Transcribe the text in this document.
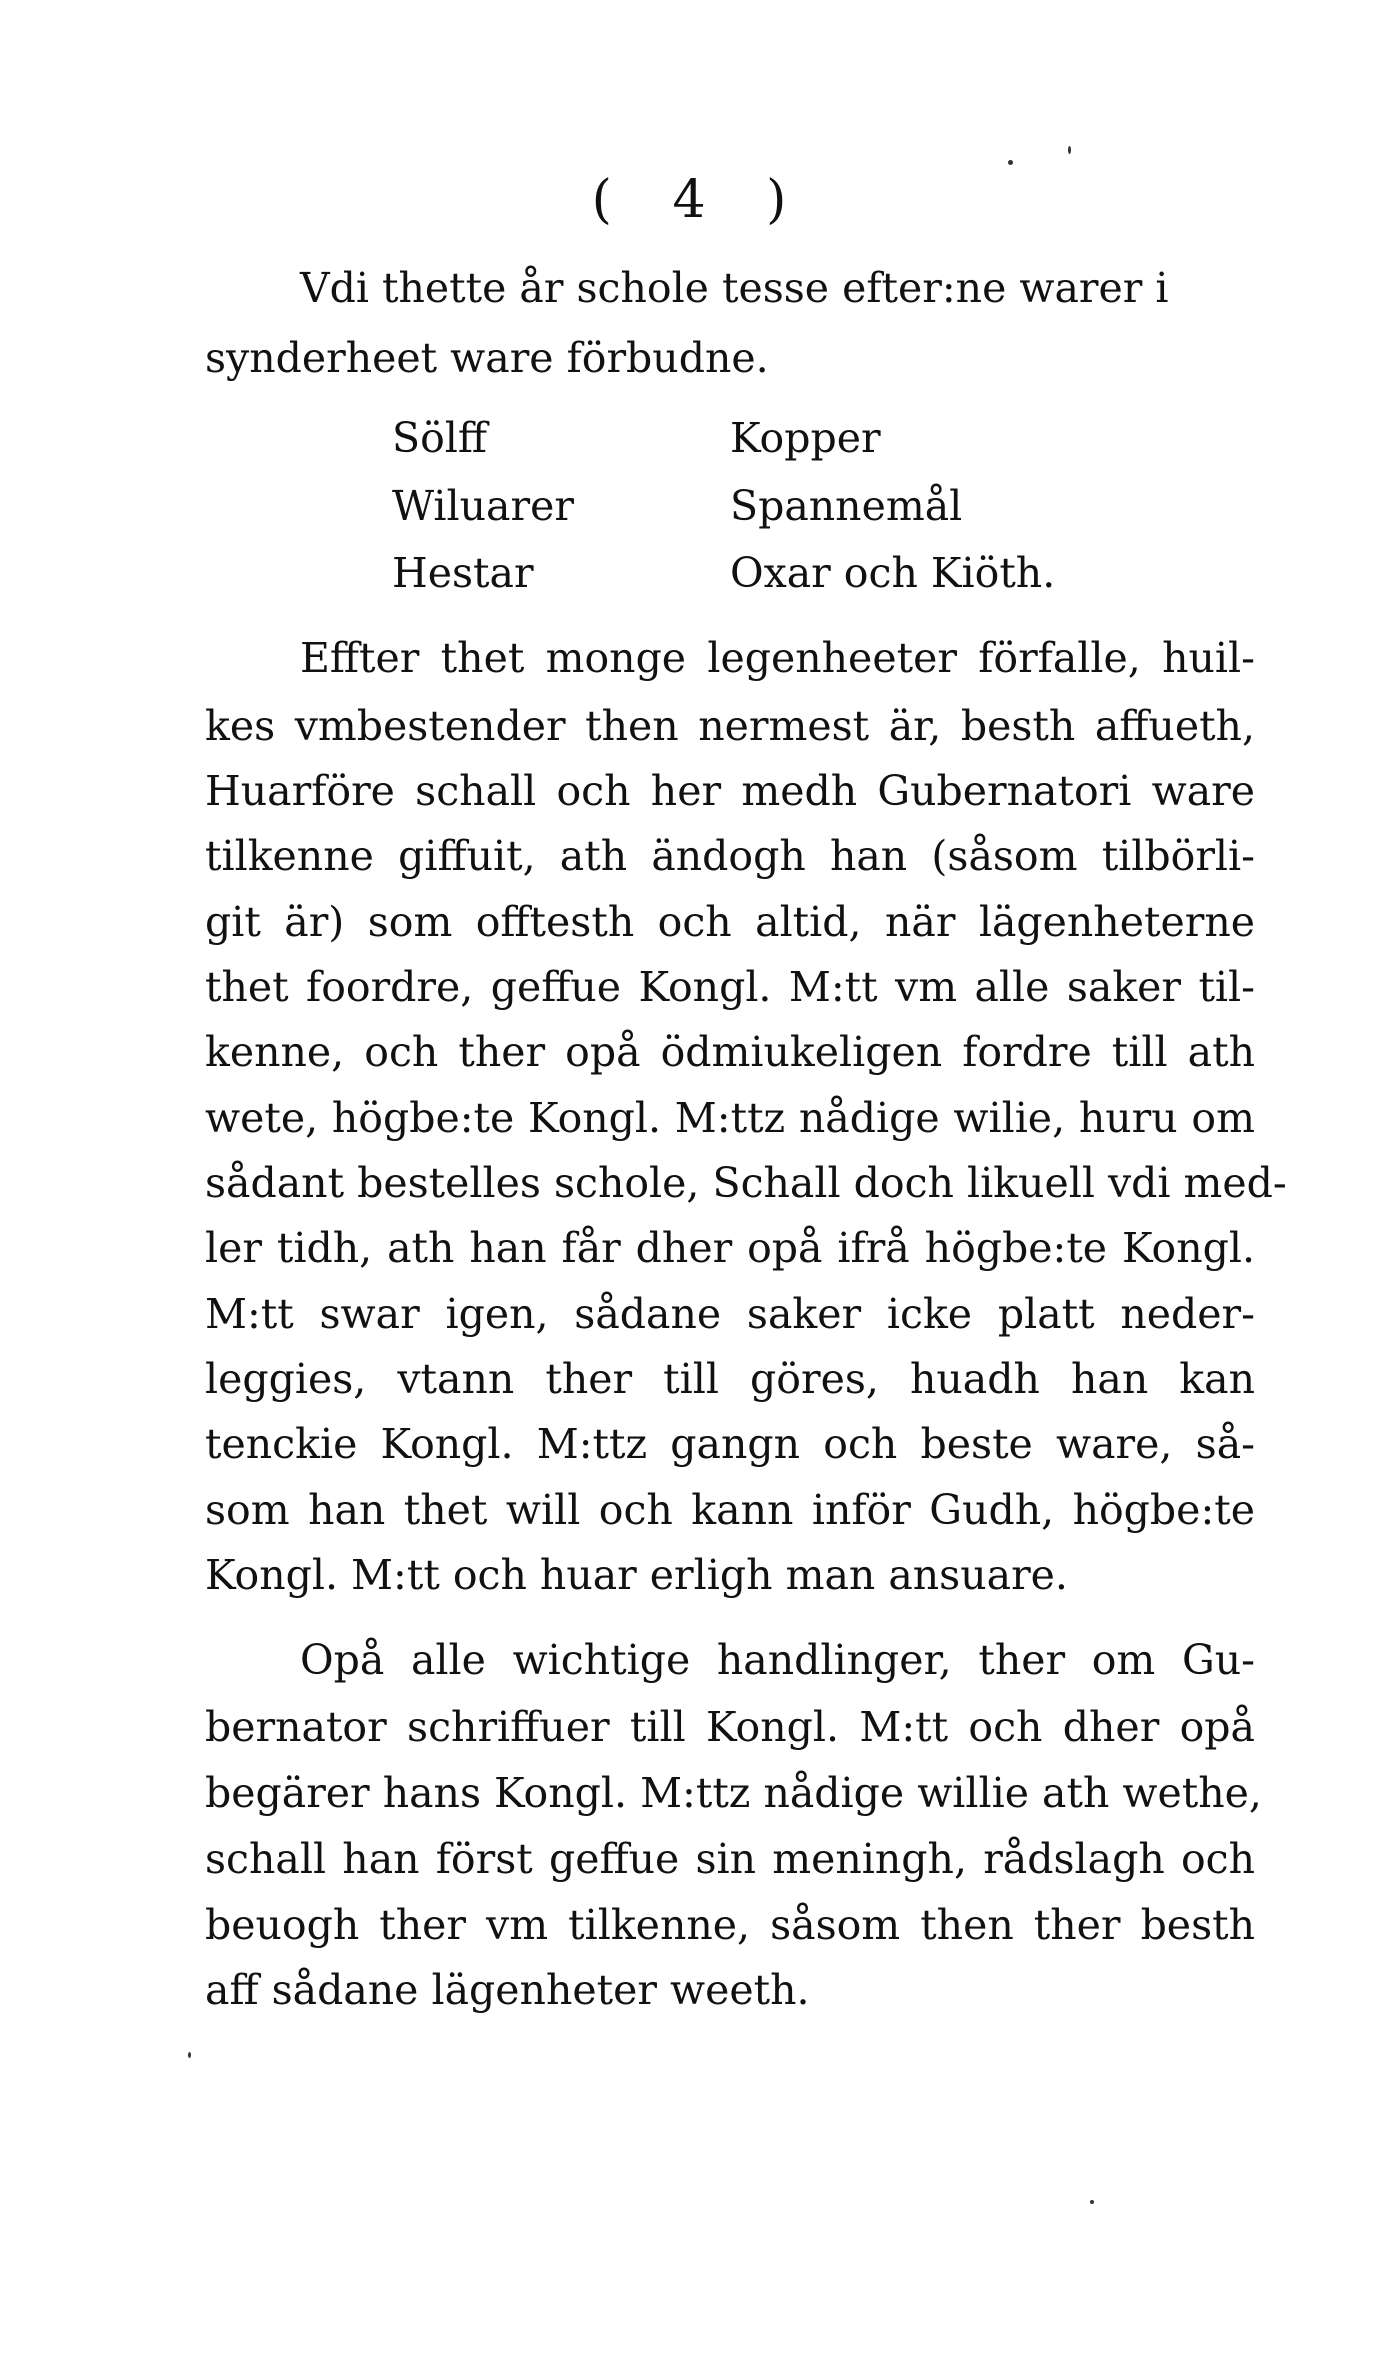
( 4 )
Vdi thette år schole tesse efter:ne warer i
synderheet ware förbudne.
Sölff	Kopper
Wiluarer	Spannemål
Hestar	Oxar och Kiöth.
Effter thet monge legenheeter förfalle, huil-
kes vmbestender then nermest är, besth affueth,
Huarföre schall och her medh Gubernatori ware
tilkenne giffuit, ath ändogh han (såsom tilbörli-
git är) som offtesth och altid, när lägenheterne
thet foordre, geffue Kongl. M:tt vm alle saker til-
kenne, och ther opå ödmiukeligen fordre till ath
wete, högbe:te Kongl. M:ttz nådige wilie, huru om
sådant bestelles schole, Schall doch likuell vdi med-
ler tidh, ath han får dher opå ifrå högbe:te Kongl.
M:tt swar igen, sådane saker icke platt neder-
leggies, vtann ther till göres, huadh han kan
tenckie Kongl. M:ttz gangn och beste ware, så-
som han thet will och kann inför Gudh, högbe:te
Kongl. M:tt och huar erligh man ansuare.
Opå alle wichtige handlinger, ther om Gu-
bernator schriffuer till Kongl. M:tt och dher opå
begärer hans Kongl. M:ttz nådige willie ath wethe,
schall han först geffue sin meningh, rådslagh och
beuogh ther vm tilkenne, såsom then ther besth
aff sådane lägenheter weeth.
